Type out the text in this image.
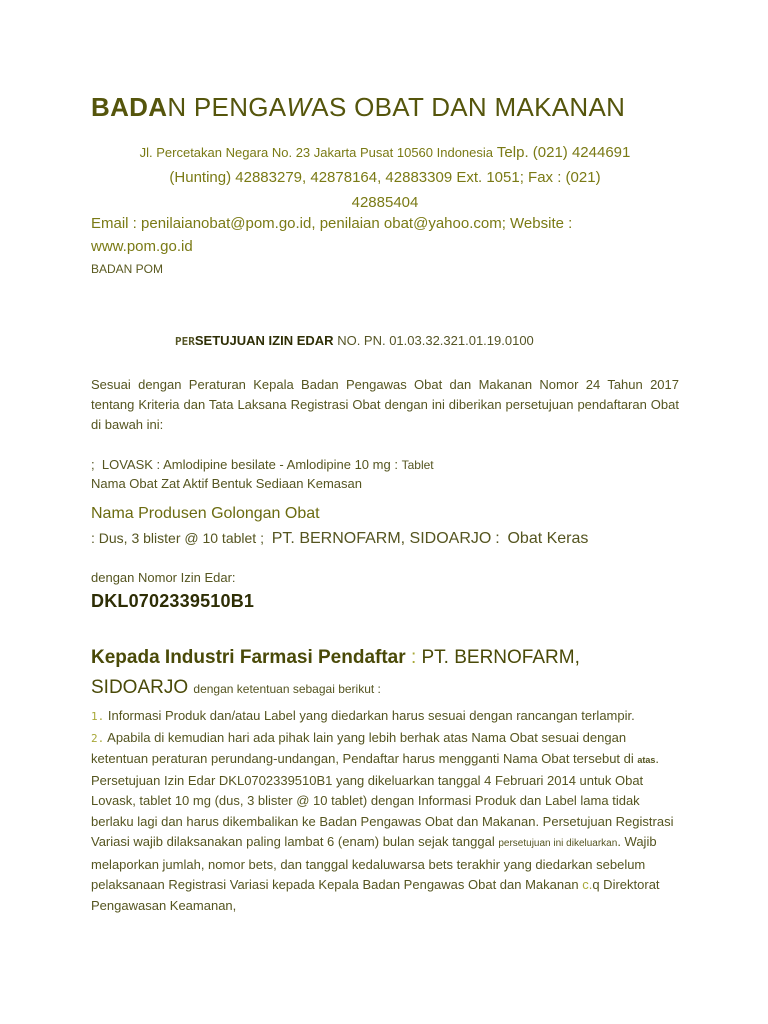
BADAN PENGAWAS OBAT DAN MAKANAN
Jl. Percetakan Negara No. 23 Jakarta Pusat 10560 Indonesia Telp. (021) 4244691
(Hunting) 42883279, 42878164, 42883309 Ext. 1051; Fax : (021)
42885404
Email : penilaianobat@pom.go.id, penilaian obat@yahoo.com; Website :
www.pom.go.id
BADAN POM
PERSETUJUAN IZIN EDAR NO. PN. 01.03.32.321.01.19.0100
Sesuai dengan Peraturan Kepala Badan Pengawas Obat dan Makanan Nomor 24 Tahun 2017 tentang Kriteria dan Tata Laksana Registrasi Obat dengan ini diberikan persetujuan pendaftaran Obat di bawah ini:
; LOVASK : Amlodipine besilate - Amlodipine 10 mg : Tablet
Nama Obat Zat Aktif Bentuk Sediaan Kemasan
Nama Produsen Golongan Obat
: Dus, 3 blister @ 10 tablet ; PT. BERNOFARM, SIDOARJO : Obat Keras
dengan Nomor Izin Edar:
DKL0702339510B1
Kepada Industri Farmasi Pendaftar : PT. BERNOFARM,
SIDOARJO dengan ketentuan sebagai berikut :
1. Informasi Produk dan/atau Label yang diedarkan harus sesuai dengan rancangan terlampir.
2. Apabila di kemudian hari ada pihak lain yang lebih berhak atas Nama Obat sesuai dengan ketentuan peraturan perundang-undangan, Pendaftar harus mengganti Nama Obat tersebut di atas. Persetujuan Izin Edar DKL0702339510B1 yang dikeluarkan tanggal 4 Februari 2014 untuk Obat Lovask, tablet 10 mg (dus, 3 blister @ 10 tablet) dengan Informasi Produk dan Label lama tidak berlaku lagi dan harus dikembalikan ke Badan Pengawas Obat dan Makanan. Persetujuan Registrasi Variasi wajib dilaksanakan paling lambat 6 (enam) bulan sejak tanggal persetujuan ini dikeluarkan. Wajib melaporkan jumlah, nomor bets, dan tanggal kedaluwarsa bets terakhir yang diedarkan sebelum pelaksanaan Registrasi Variasi kepada Kepala Badan Pengawas Obat dan Makanan c.q Direktorat Pengawasan Keamanan,
